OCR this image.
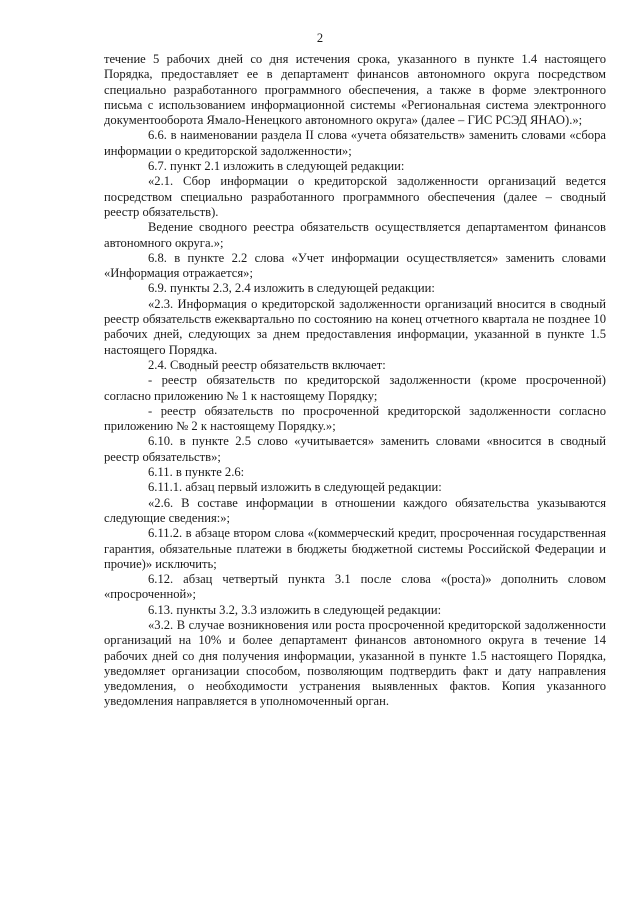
2

течение 5 рабочих дней со дня истечения срока, указанного в пункте 1.4 настоящего Порядка, предоставляет ее в департамент финансов автономного округа посредством специально разработанного программного обеспечения, а также в форме электронного письма с использованием информационной системы «Региональная система электронного документооборота Ямало-Ненецкого автономного округа» (далее – ГИС РСЭД ЯНАО).»;

6.6. в наименовании раздела II слова «учета обязательств» заменить словами «сбора информации о кредиторской задолженности»;

6.7. пункт 2.1 изложить в следующей редакции:

«2.1. Сбор информации о кредиторской задолженности организаций ведется посредством специально разработанного программного обеспечения (далее – сводный реестр обязательств).

Ведение сводного реестра обязательств осуществляется департаментом финансов автономного округа.»;

6.8. в пункте 2.2 слова «Учет информации осуществляется» заменить словами «Информация отражается»;

6.9. пункты 2.3, 2.4 изложить в следующей редакции:

«2.3. Информация о кредиторской задолженности организаций вносится в сводный реестр обязательств ежеквартально по состоянию на конец отчетного квартала не позднее 10 рабочих дней, следующих за днем предоставления информации, указанной в пункте 1.5 настоящего Порядка.

2.4. Сводный реестр обязательств включает:

- реестр обязательств по кредиторской задолженности (кроме просроченной) согласно приложению № 1 к настоящему Порядку;

- реестр обязательств по просроченной кредиторской задолженности согласно приложению № 2 к настоящему Порядку.»;

6.10. в пункте 2.5 слово «учитывается» заменить словами «вносится в сводный реестр обязательств»;

6.11. в пункте 2.6:

6.11.1. абзац первый изложить в следующей редакции:

«2.6. В составе информации в отношении каждого обязательства указываются следующие сведения:»;

6.11.2. в абзаце втором слова «(коммерческий кредит, просроченная государственная гарантия, обязательные платежи в бюджеты бюджетной системы Российской Федерации и прочие)» исключить;

6.12. абзац четвертый пункта 3.1 после слова «(роста)» дополнить словом «просроченной»;

6.13. пункты 3.2, 3.3 изложить в следующей редакции:

«3.2. В случае возникновения или роста просроченной кредиторской задолженности организаций на 10% и более департамент финансов автономного округа в течение 14 рабочих дней со дня получения информации, указанной в пункте 1.5 настоящего Порядка, уведомляет организации способом, позволяющим подтвердить факт и дату направления уведомления, о необходимости устранения выявленных фактов. Копия указанного уведомления направляется в уполномоченный орган.
